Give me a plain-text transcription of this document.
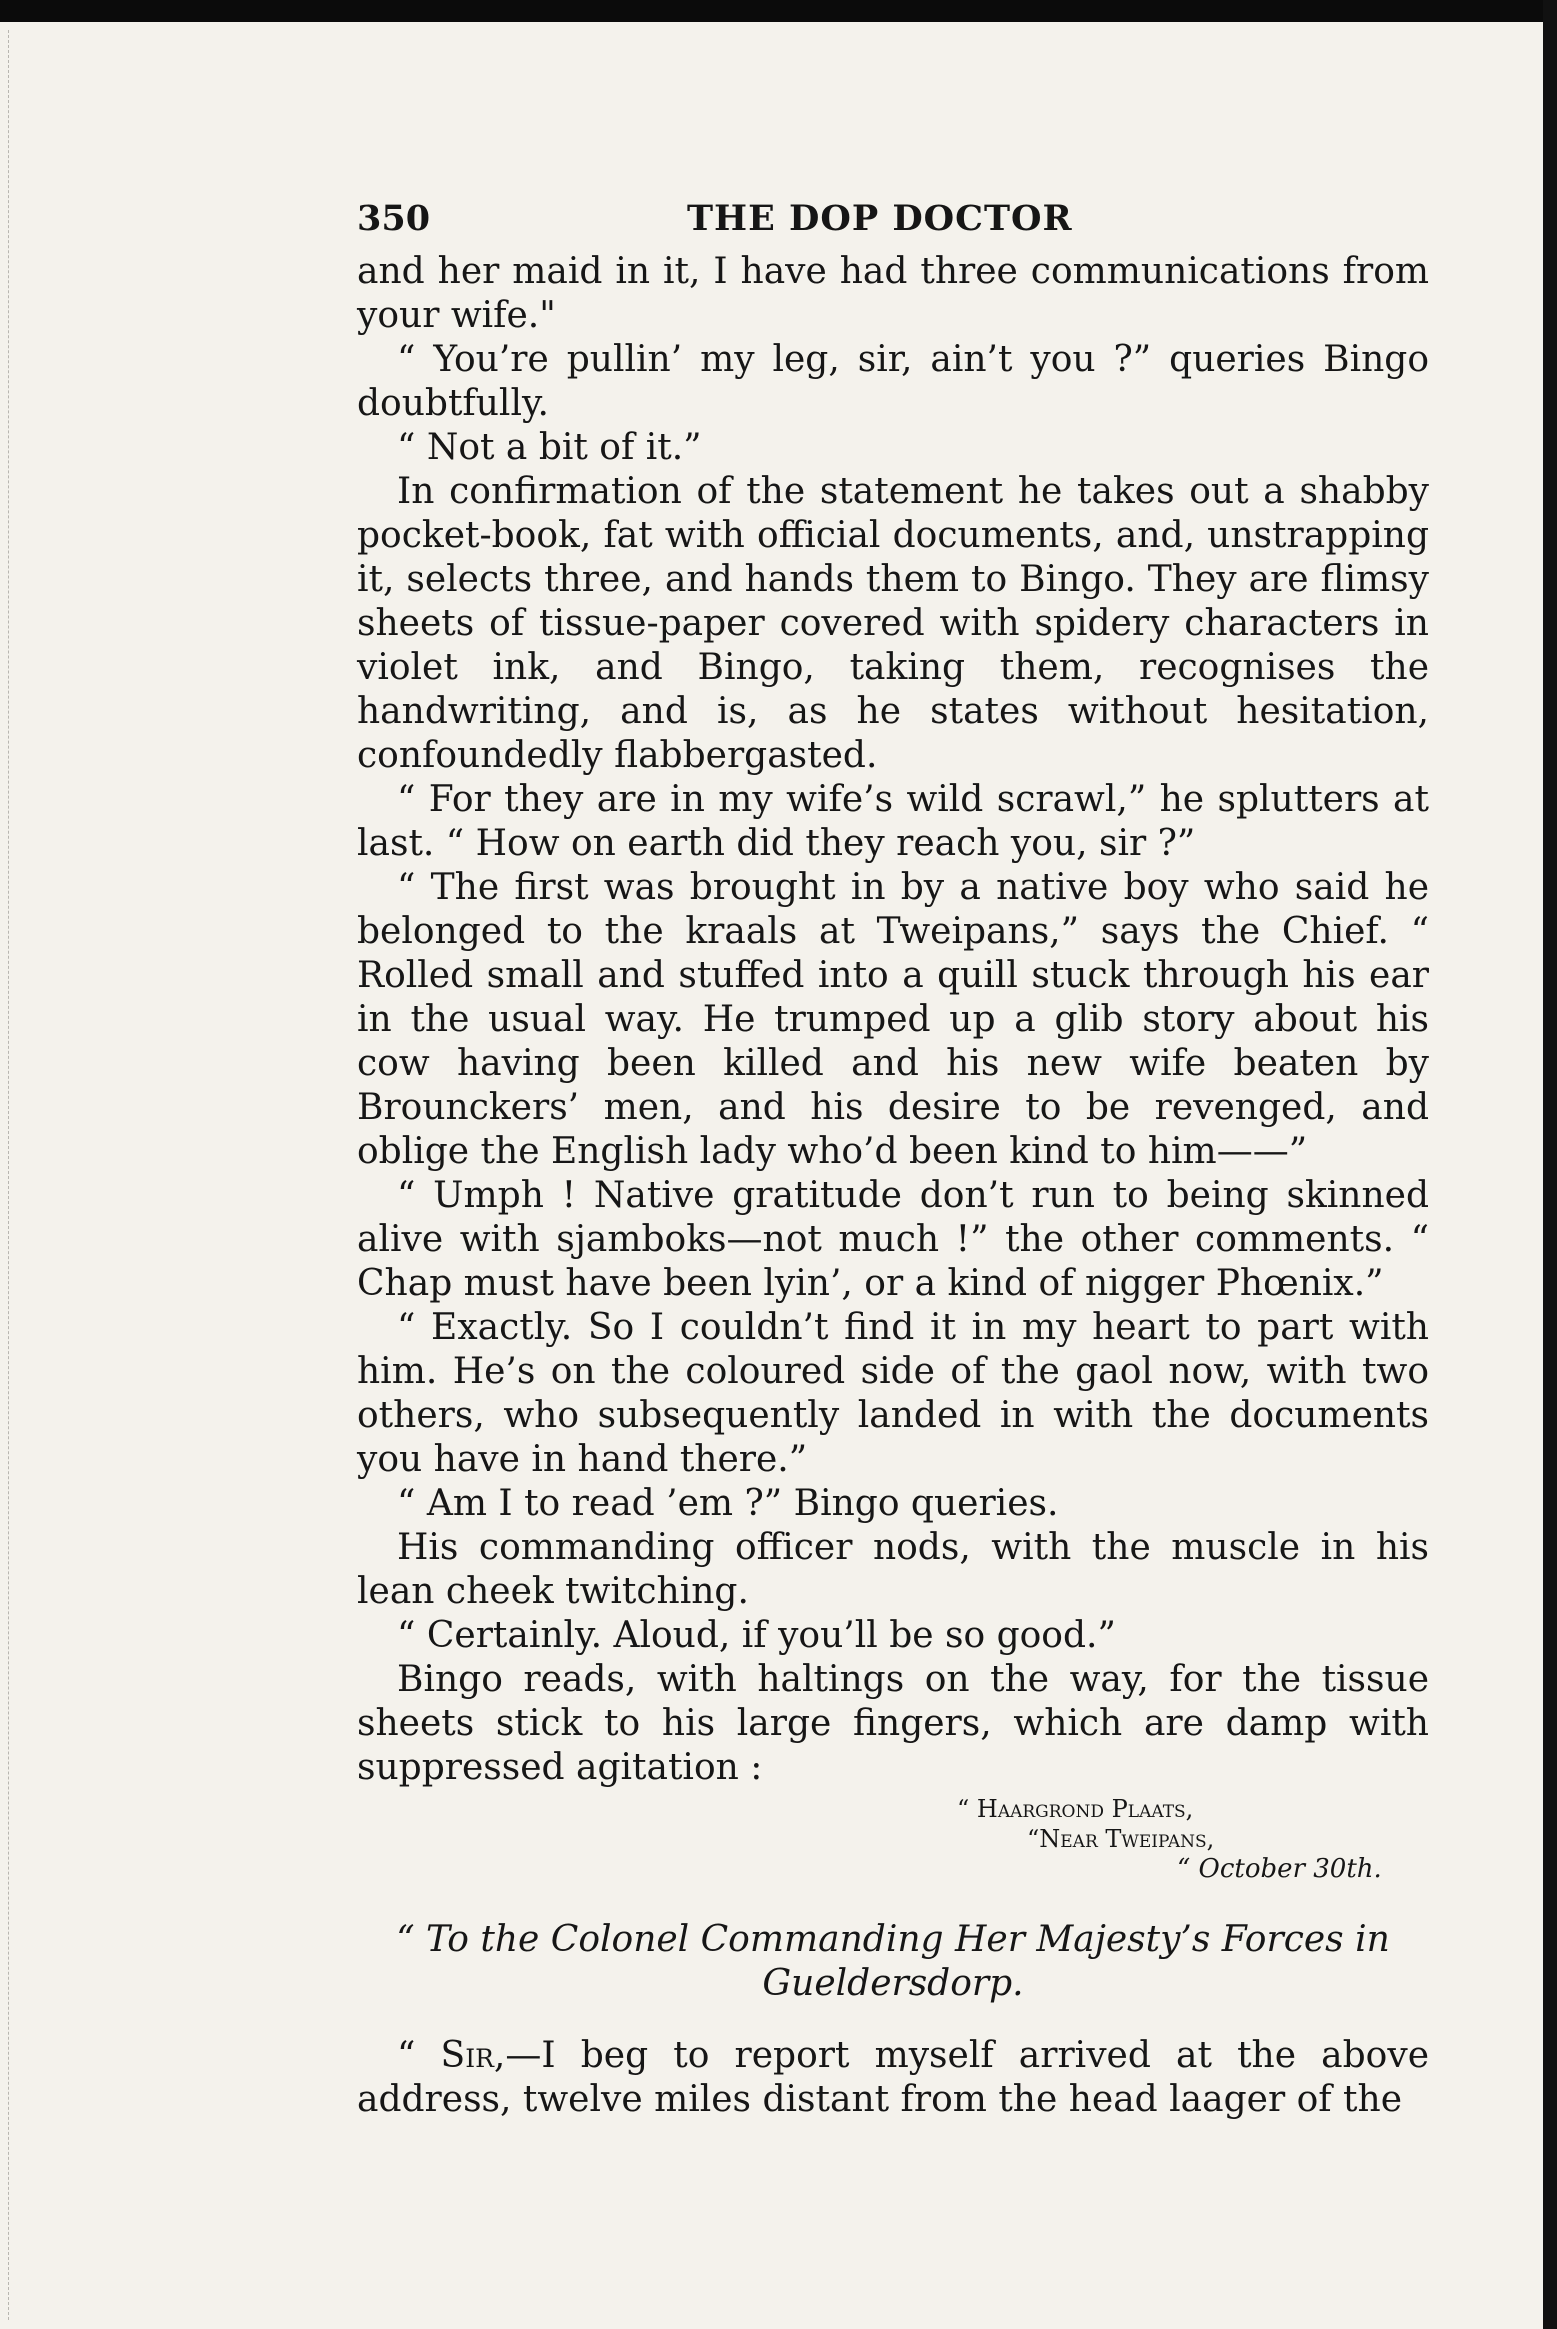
350	THE DOP DOCTOR

and her maid in it, I have had three communications from your wife."

“ You’re pullin’ my leg, sir, ain’t you ?” queries Bingo doubtfully.

“ Not a bit of it.”

In confirmation of the statement he takes out a shabby pocket-book, fat with official documents, and, unstrapping it, selects three, and hands them to Bingo. They are flimsy sheets of tissue-paper covered with spidery characters in violet ink, and Bingo, taking them, recognises the handwriting, and is, as he states without hesitation, confoundedly flabbergasted.

“ For they are in my wife’s wild scrawl,” he splutters at last. “ How on earth did they reach you, sir ?”

“ The first was brought in by a native boy who said he belonged to the kraals at Tweipans,” says the Chief. “ Rolled small and stuffed into a quill stuck through his ear in the usual way. He trumped up a glib story about his cow having been killed and his new wife beaten by Brounckers’ men, and his desire to be revenged, and oblige the English lady who’d been kind to him——”

“ Umph ! Native gratitude don’t run to being skinned alive with sjamboks—not much !” the other comments. “ Chap must have been lyin’, or a kind of nigger Phœnix.”

“ Exactly. So I couldn’t find it in my heart to part with him. He’s on the coloured side of the gaol now, with two others, who subsequently landed in with the documents you have in hand there.”

“ Am I to read ’em ?” Bingo queries.

His commanding officer nods, with the muscle in his lean cheek twitching.

“ Certainly. Aloud, if you’ll be so good.”

Bingo reads, with haltings on the way, for the tissue sheets stick to his large fingers, which are damp with suppressed agitation :

“ Haargrond Plaats,
“Near Tweipans,
“ October 30th.
“ To the Colonel Commanding Her Majesty’s Forces in Gueldersdorp.

“ Sir,—I beg to report myself arrived at the above address, twelve miles distant from the head laager of the
